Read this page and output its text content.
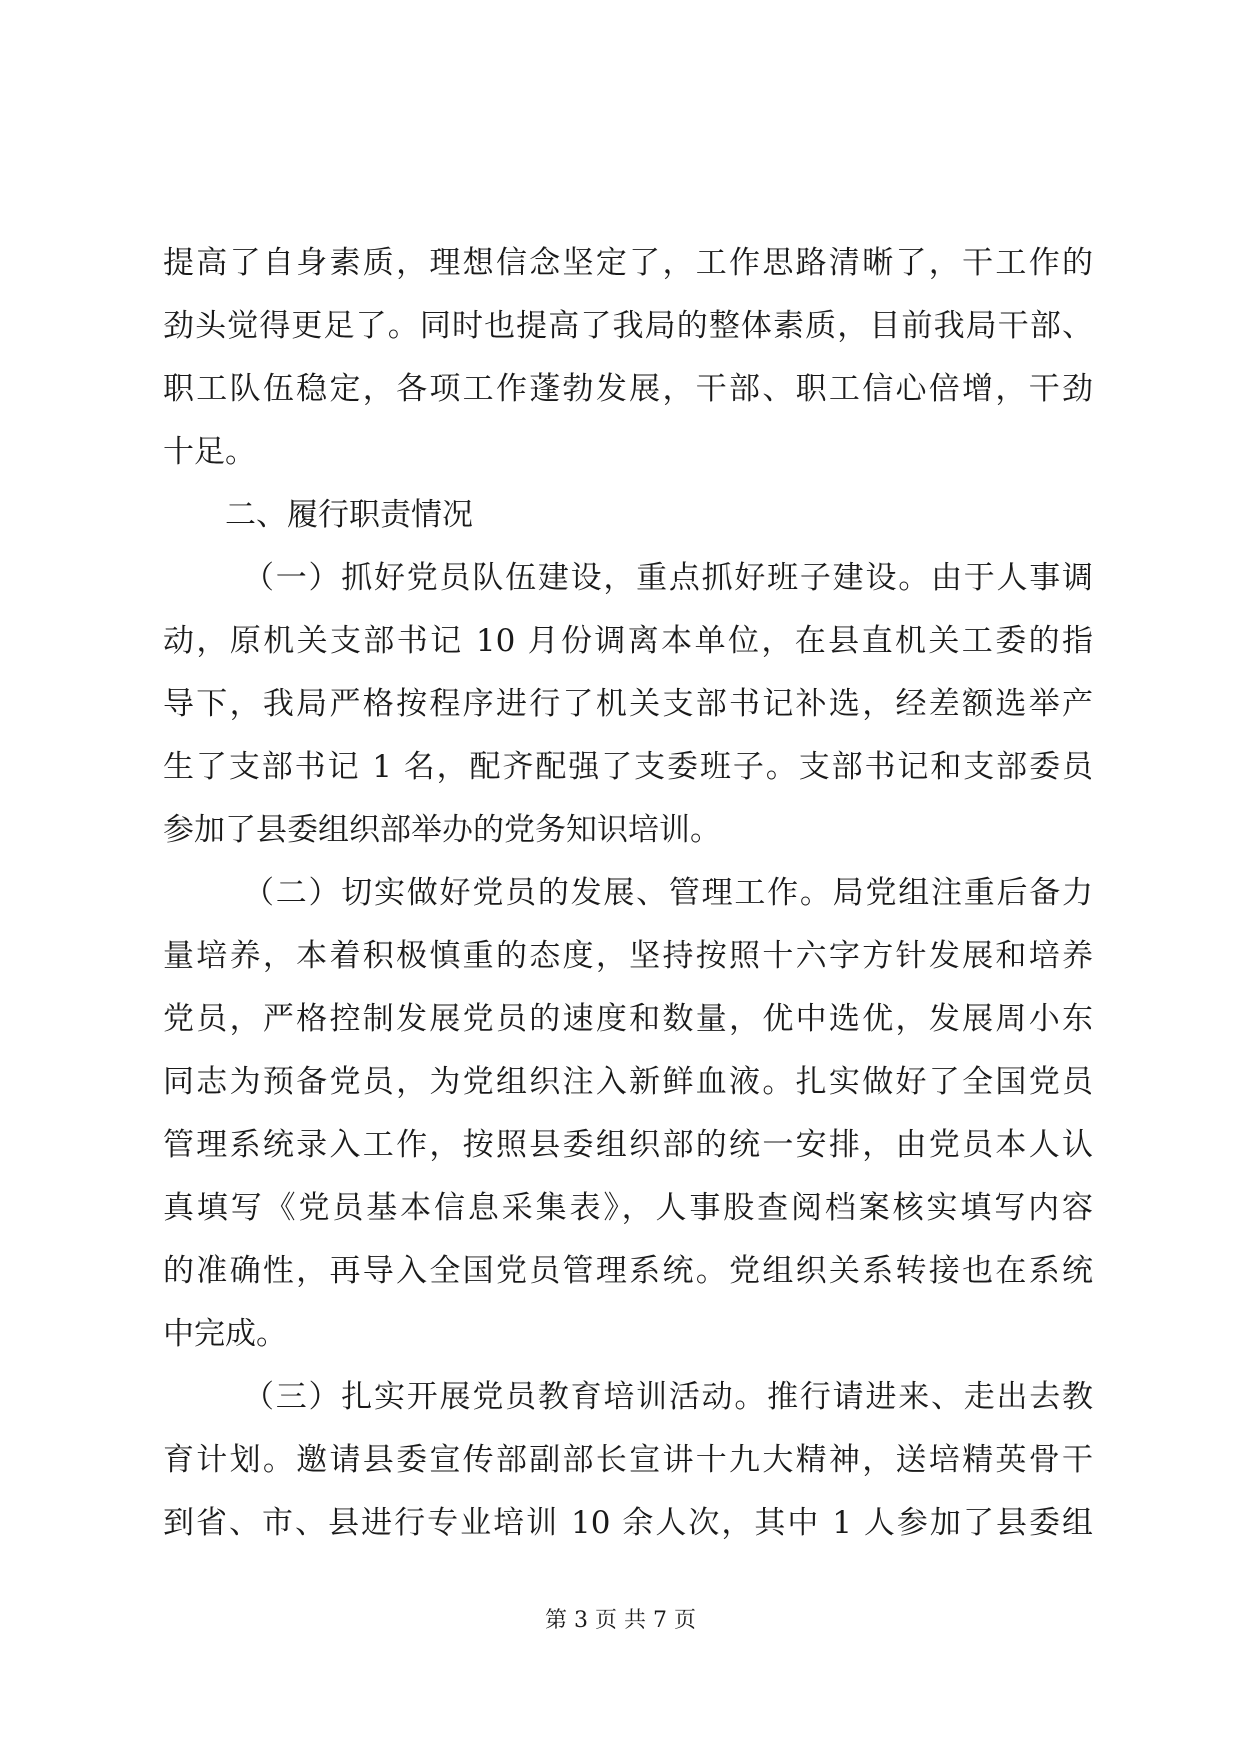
提高了自身素质，理想信念坚定了，工作思路清晰了，干工作的
劲头觉得更足了。同时也提高了我局的整体素质，目前我局干部、
职工队伍稳定，各项工作蓬勃发展，干部、职工信心倍增，干劲
十足。
二、履行职责情况
（一）抓好党员队伍建设，重点抓好班子建设。由于人事调
动，原机关支部书记 10 月份调离本单位，在县直机关工委的指
导下，我局严格按程序进行了机关支部书记补选，经差额选举产
生了支部书记 1 名，配齐配强了支委班子。支部书记和支部委员
参加了县委组织部举办的党务知识培训。
（二）切实做好党员的发展、管理工作。局党组注重后备力
量培养，本着积极慎重的态度，坚持按照十六字方针发展和培养
党员，严格控制发展党员的速度和数量，优中选优，发展周小东
同志为预备党员，为党组织注入新鲜血液。扎实做好了全国党员
管理系统录入工作，按照县委组织部的统一安排，由党员本人认
真填写《党员基本信息采集表》，人事股查阅档案核实填写内容
的准确性，再导入全国党员管理系统。党组织关系转接也在系统
中完成。
（三）扎实开展党员教育培训活动。推行请进来、走出去教
育计划。邀请县委宣传部副部长宣讲十九大精神，送培精英骨干
到省、市、县进行专业培训 10 余人次，其中 1 人参加了县委组
第 3 页 共 7 页
